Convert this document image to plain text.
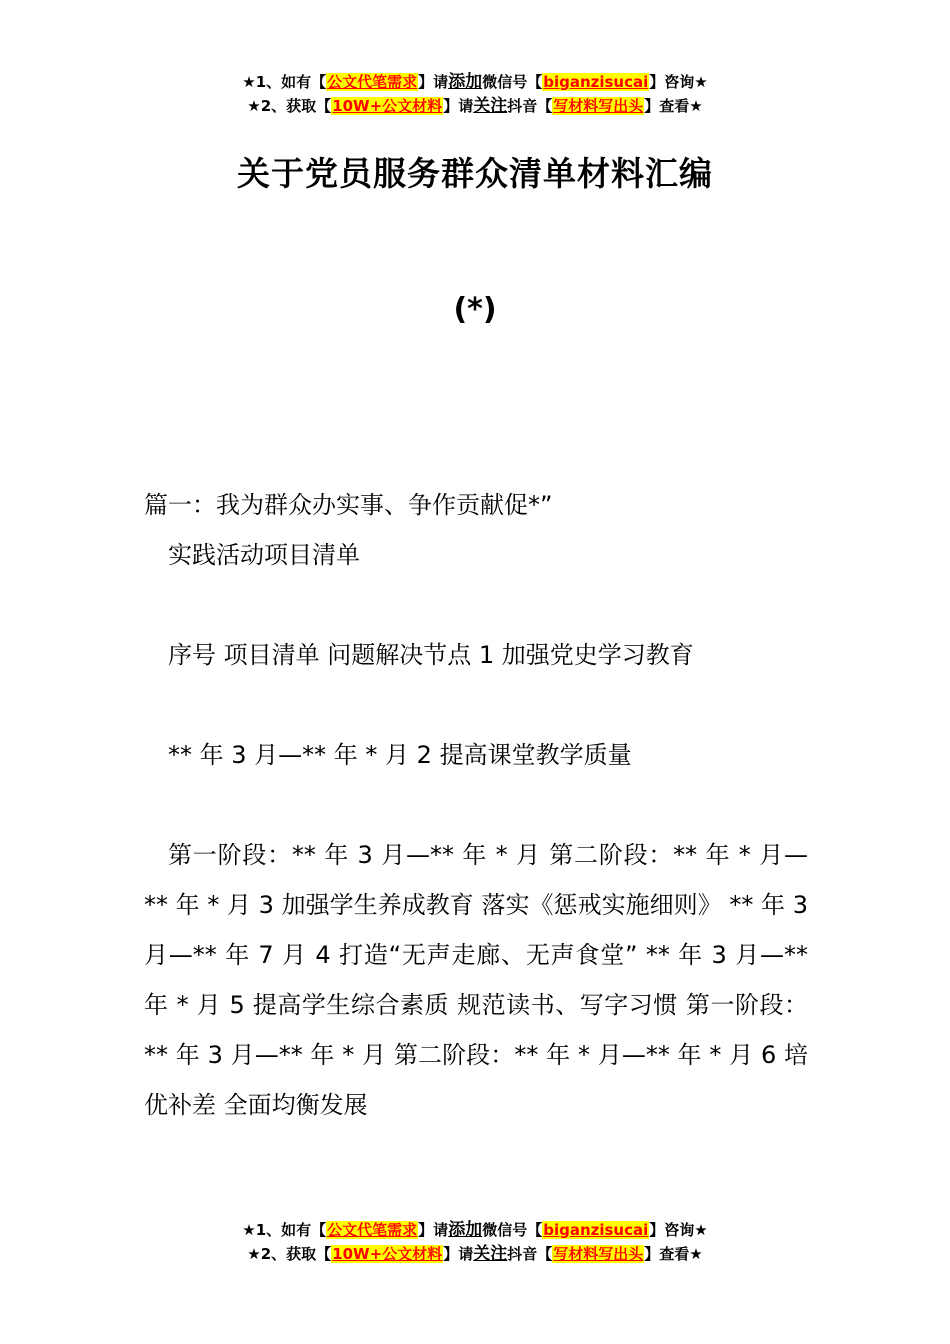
★1、如有【公文代笔需求】请添加微信号【biganzisucai】咨询★
★2、获取【10W+公文材料】请关注抖音【写材料写出头】查看★
关于党员服务群众清单材料汇编
(*)

篇一：我为群众办实事、争作贡献促*”

实践活动项目清单

序号 项目清单 问题解决节点 1 加强党史学习教育

** 年 3 月—** 年 * 月 2 提高课堂教学质量

第一阶段：** 年 3 月—** 年 * 月 第二阶段：** 年 * 月—** 年 * 月 3 加强学生养成教育 落实《惩戒实施细则》 ** 年 3 月—** 年 7 月 4 打造“无声走廊、无声食堂” ** 年 3 月—** 年 * 月 5 提高学生综合素质 规范读书、写字习惯 第一阶段：** 年 3 月—** 年 * 月 第二阶段：** 年 * 月—** 年 * 月 6 培优补差 全面均衡发展

★1、如有【公文代笔需求】请添加微信号【biganzisucai】咨询★
★2、获取【10W+公文材料】请关注抖音【写材料写出头】查看★
